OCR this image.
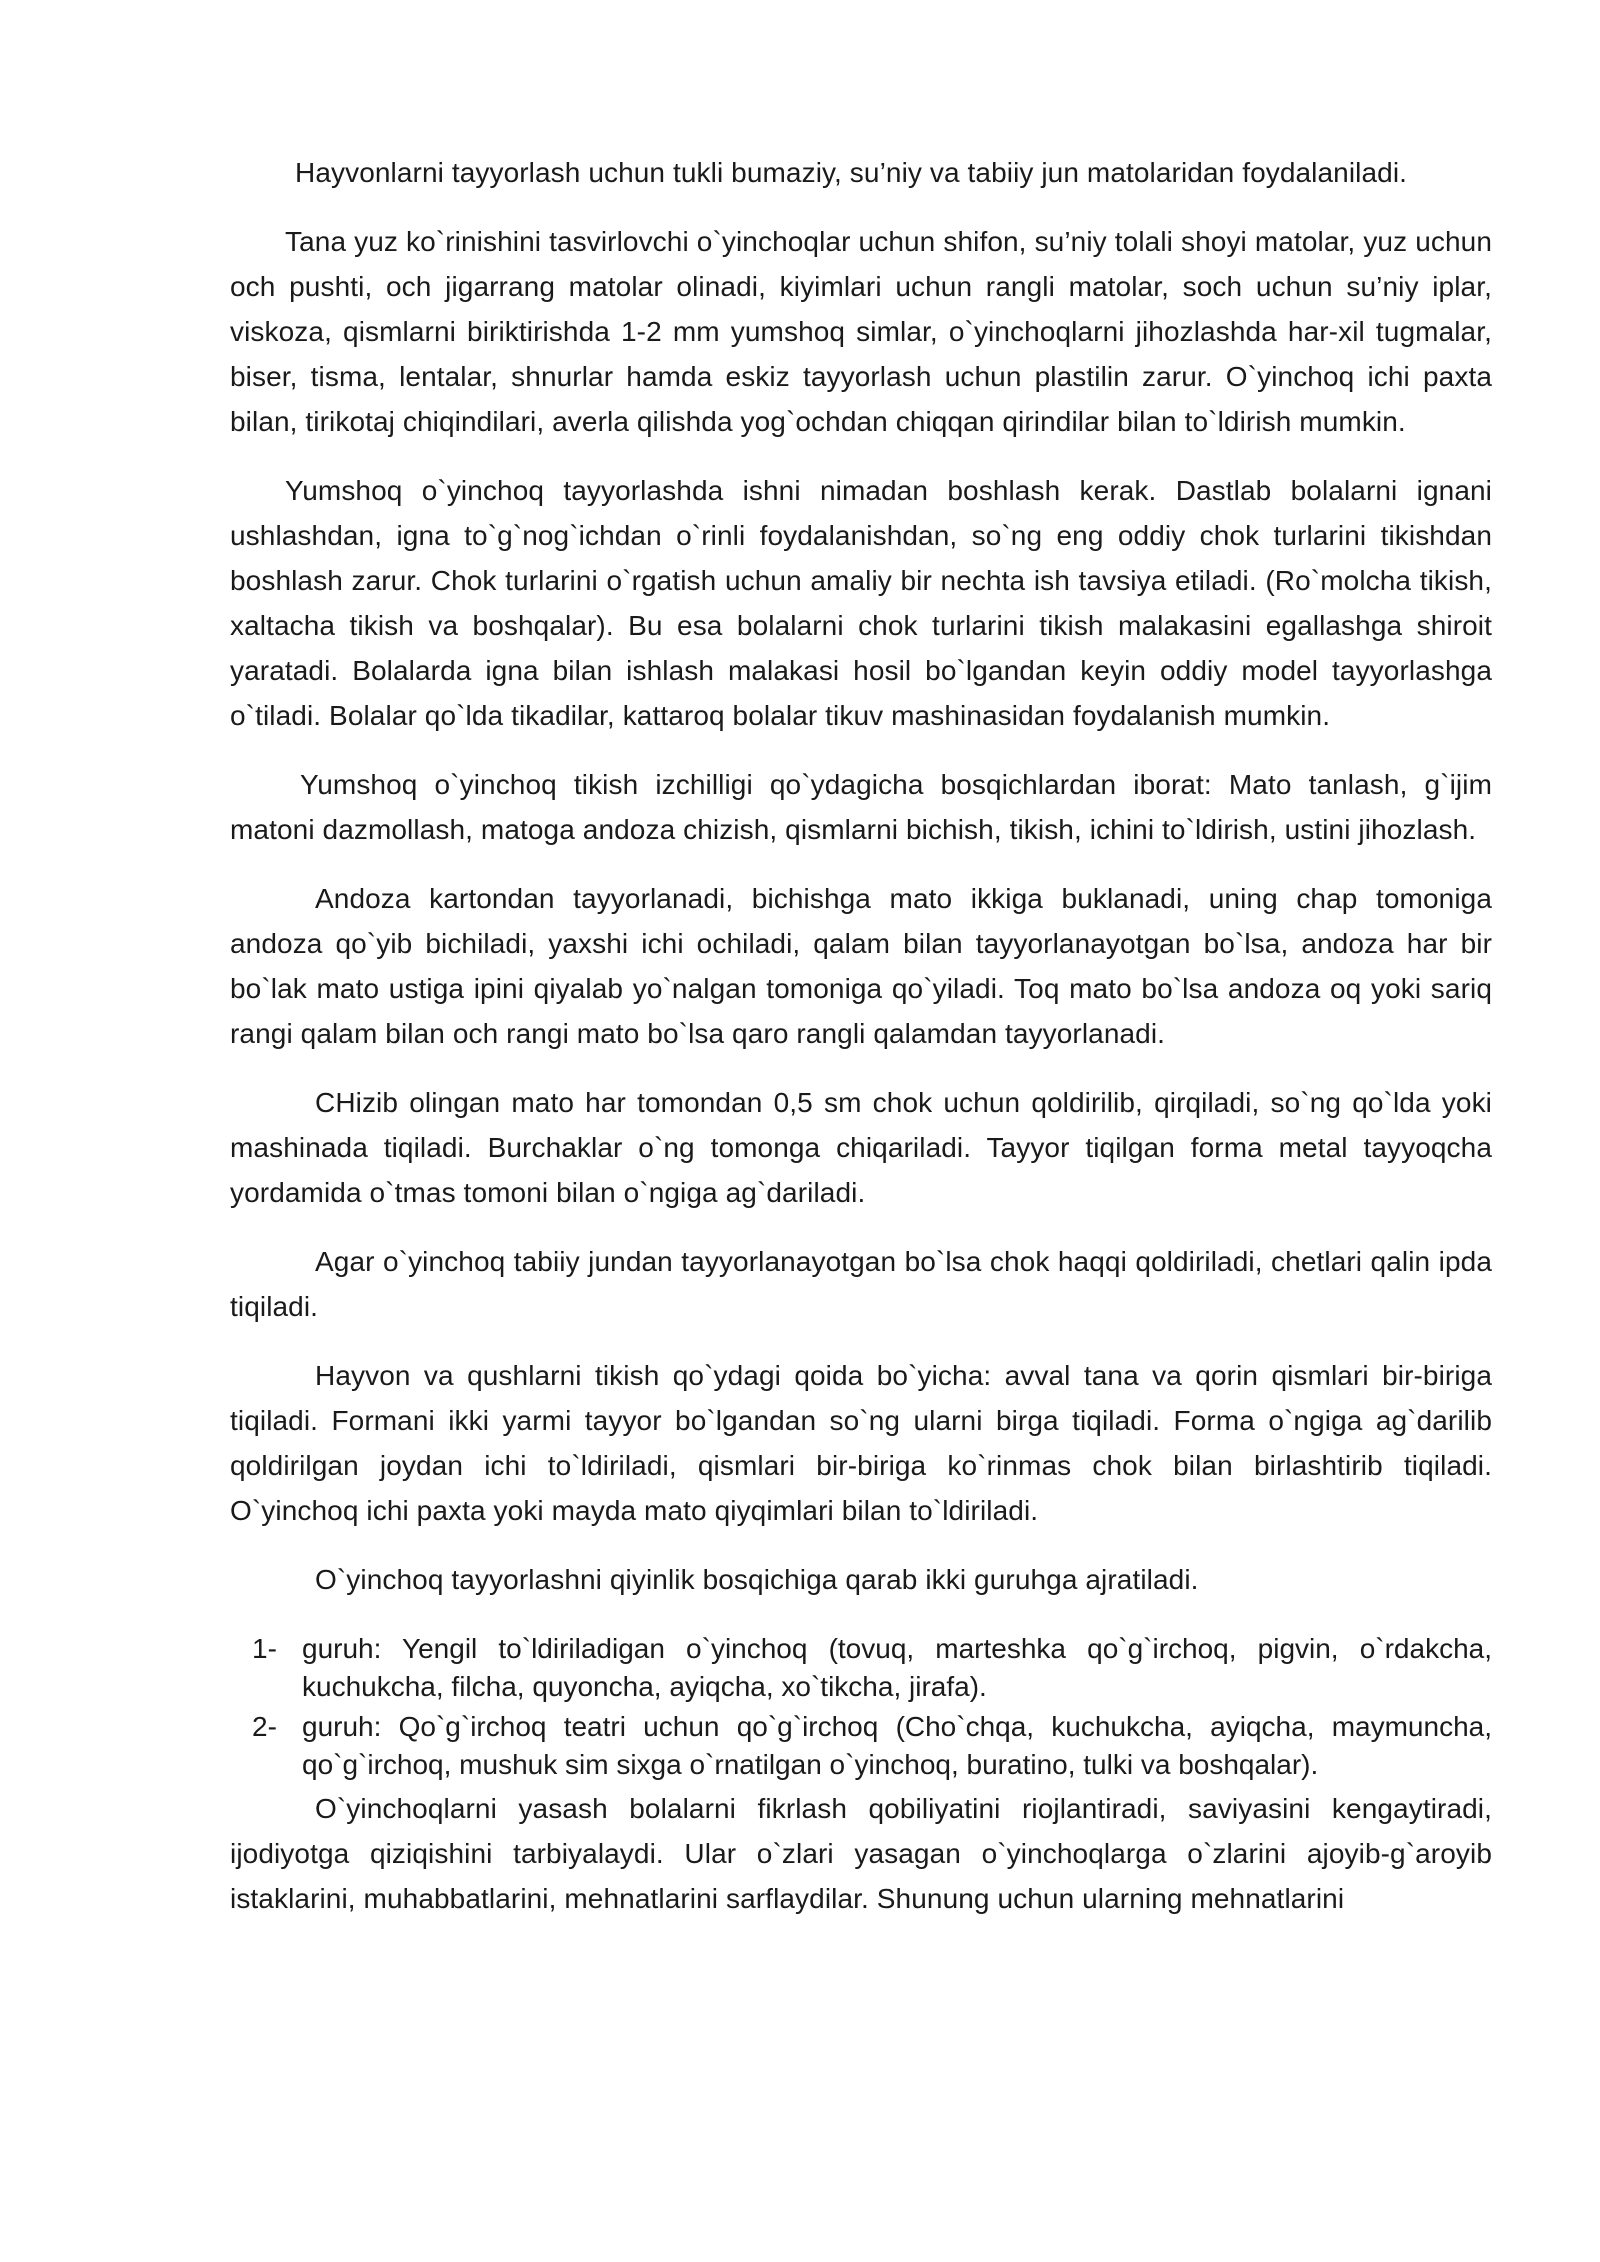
Hayvonlarni tayyorlash uchun tukli bumaziy, su’niy va tabiiy jun matolaridan foydalaniladi.

Tana yuz ko`rinishini tasvirlovchi o`yinchoqlar uchun shifon, su’niy tolali shoyi matolar, yuz uchun och pushti, och jigarrang matolar olinadi, kiyimlari uchun rangli matolar, soch uchun su’niy iplar, viskoza, qismlarni biriktirishda 1-2 mm yumshoq simlar, o`yinchoqlarni jihozlashda har-xil tugmalar, biser, tisma, lentalar, shnurlar hamda eskiz tayyorlash uchun plastilin zarur. O`yinchoq ichi paxta bilan, tirikotaj chiqindilari, averla qilishda yog`ochdan chiqqan qirindilar bilan to`ldirish mumkin.

Yumshoq o`yinchoq tayyorlashda ishni nimadan boshlash kerak. Dastlab bolalarni ignani ushlashdan, igna to`g`nog`ichdan o`rinli foydalanishdan, so`ng eng oddiy chok turlarini tikishdan boshlash zarur. Chok turlarini o`rgatish uchun amaliy bir nechta ish tavsiya etiladi. (Ro`molcha tikish, xaltacha tikish va boshqalar). Bu esa bolalarni chok turlarini tikish malakasini egallashga shiroit yaratadi. Bolalarda igna bilan ishlash malakasi hosil bo`lgandan keyin oddiy model tayyorlashga o`tiladi. Bolalar qo`lda tikadilar, kattaroq bolalar tikuv mashinasidan foydalanish mumkin.

Yumshoq o`yinchoq tikish izchilligi qo`ydagicha bosqichlardan iborat: Mato tanlash, g`ijim matoni dazmollash, matoga andoza chizish, qismlarni bichish, tikish, ichini to`ldirish, ustini jihozlash.

Andoza kartondan tayyorlanadi, bichishga mato ikkiga buklanadi, uning chap tomoniga andoza qo`yib bichiladi, yaxshi ichi ochiladi, qalam bilan tayyorlanayotgan bo`lsa, andoza har bir bo`lak mato ustiga ipini qiyalab yo`nalgan tomoniga qo`yiladi. Toq mato bo`lsa andoza oq yoki sariq rangi qalam bilan och rangi mato bo`lsa qaro rangli qalamdan tayyorlanadi.

CHizib olingan mato har tomondan 0,5 sm chok uchun qoldirilib, qirqiladi, so`ng qo`lda yoki mashinada tiqiladi. Burchaklar o`ng tomonga chiqariladi. Tayyor tiqilgan forma metal tayyoqcha yordamida o`tmas tomoni bilan o`ngiga ag`dariladi.

Agar o`yinchoq tabiiy jundan tayyorlanayotgan bo`lsa chok haqqi qoldiriladi, chetlari qalin ipda tiqiladi.

Hayvon va qushlarni tikish qo`ydagi qoida bo`yicha: avval tana va qorin qismlari bir-biriga tiqiladi. Formani ikki yarmi tayyor bo`lgandan so`ng ularni birga tiqiladi. Forma o`ngiga ag`darilib qoldirilgan joydan ichi to`ldiriladi, qismlari bir-biriga ko`rinmas chok bilan birlashtirib tiqiladi. O`yinchoq ichi paxta yoki mayda mato qiyqimlari bilan to`ldiriladi.

O`yinchoq tayyorlashni qiyinlik bosqichiga qarab ikki guruhga ajratiladi.

1- guruh: Yengil to`ldiriladigan o`yinchoq (tovuq, marteshka qo`g`irchoq, pigvin, o`rdakcha, kuchukcha, filcha, quyoncha, ayiqcha, xo`tikcha, jirafa).
2- guruh: Qo`g`irchoq teatri uchun qo`g`irchoq (Cho`chqa, kuchukcha, ayiqcha, maymuncha, qo`g`irchoq, mushuk sim sixga o`rnatilgan o`yinchoq, buratino, tulki va boshqalar).

O`yinchoqlarni yasash bolalarni fikrlash qobiliyatini riojlantiradi, saviyasini kengaytiradi, ijodiyotga qiziqishini tarbiyalaydi. Ular o`zlari yasagan o`yinchoqlarga o`zlarini ajoyib-g`aroyib istaklarini, muhabbatlarini, mehnatlarini sarflaydilar. Shunung uchun ularning mehnatlarini
